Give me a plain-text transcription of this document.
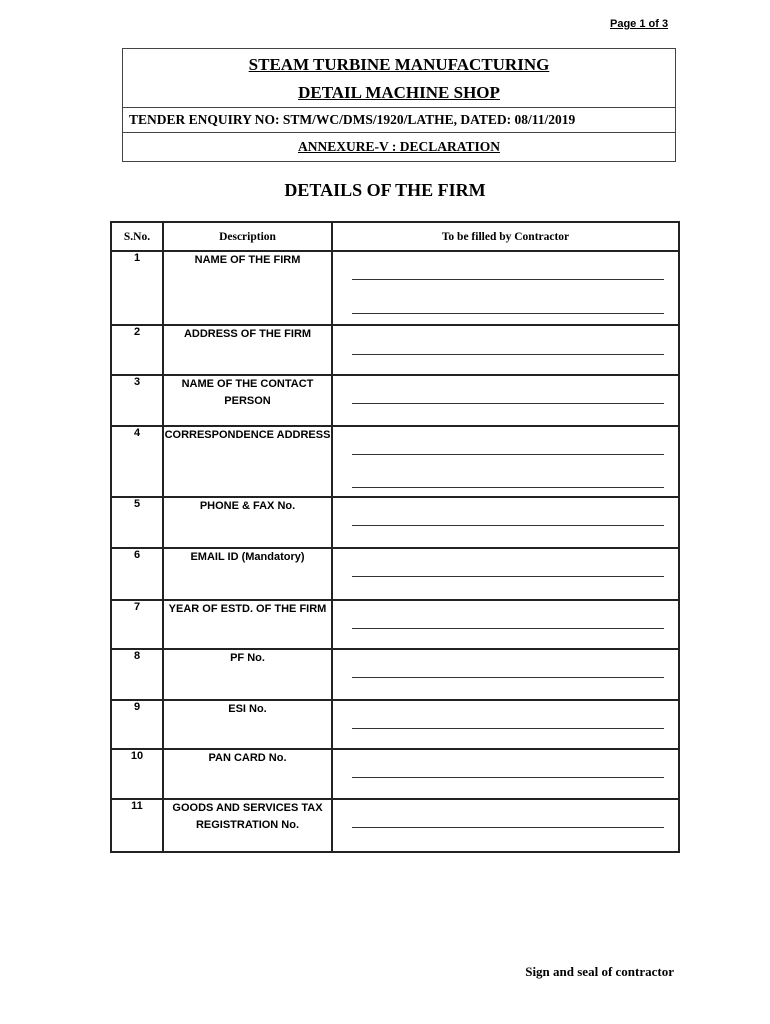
Page 1 of 3
STEAM TURBINE MANUFACTURING
DETAIL MACHINE SHOP
TENDER ENQUIRY NO: STM/WC/DMS/1920/LATHE, DATED: 08/11/2019
ANNEXURE-V : DECLARATION
DETAILS OF THE FIRM
S.No.	Description	To be filled by Contractor
1	NAME OF THE FIRM	

2	ADDRESS OF THE FIRM	

3	NAME OF THE CONTACT PERSON	

4	CORRESPONDENCE ADDRESS	

5	PHONE & FAX No.	

6	EMAIL ID (Mandatory)	

7	YEAR OF ESTD. OF THE FIRM	

8	PF No.	

9	ESI No.	

10	PAN CARD No.	

11	GOODS AND SERVICES TAX REGISTRATION No.	
Sign and seal of contractor
